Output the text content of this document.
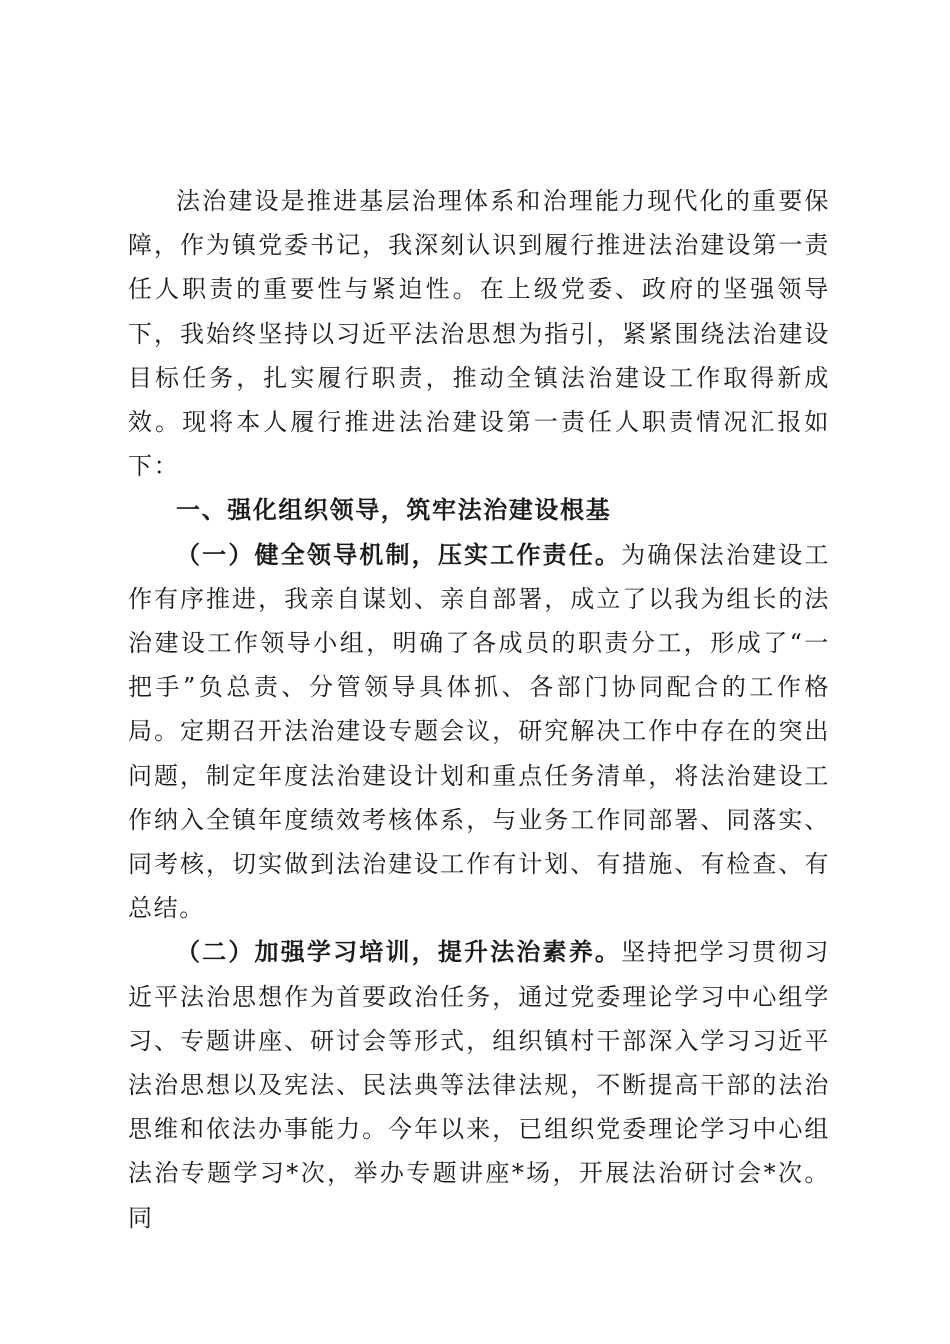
法治建设是推进基层治理体系和治理能力现代化的重要保障，作为镇党委书记，我深刻认识到履行推进法治建设第一责任人职责的重要性与紧迫性。在上级党委、政府的坚强领导下，我始终坚持以习近平法治思想为指引，紧紧围绕法治建设目标任务，扎实履行职责，推动全镇法治建设工作取得新成效。现将本人履行推进法治建设第一责任人职责情况汇报如下：

一、强化组织领导，筑牢法治建设根基

（一）健全领导机制，压实工作责任。为确保法治建设工作有序推进，我亲自谋划、亲自部署，成立了以我为组长的法治建设工作领导小组，明确了各成员的职责分工，形成了“一把手”负总责、分管领导具体抓、各部门协同配合的工作格局。定期召开法治建设专题会议，研究解决工作中存在的突出问题，制定年度法治建设计划和重点任务清单，将法治建设工作纳入全镇年度绩效考核体系，与业务工作同部署、同落实、同考核，切实做到法治建设工作有计划、有措施、有检查、有总结。

（二）加强学习培训，提升法治素养。坚持把学习贯彻习近平法治思想作为首要政治任务，通过党委理论学习中心组学习、专题讲座、研讨会等形式，组织镇村干部深入学习习近平法治思想以及宪法、民法典等法律法规，不断提高干部的法治思维和依法办事能力。今年以来，已组织党委理论学习中心组法治专题学习*次，举办专题讲座*场，开展法治研讨会*次。同
